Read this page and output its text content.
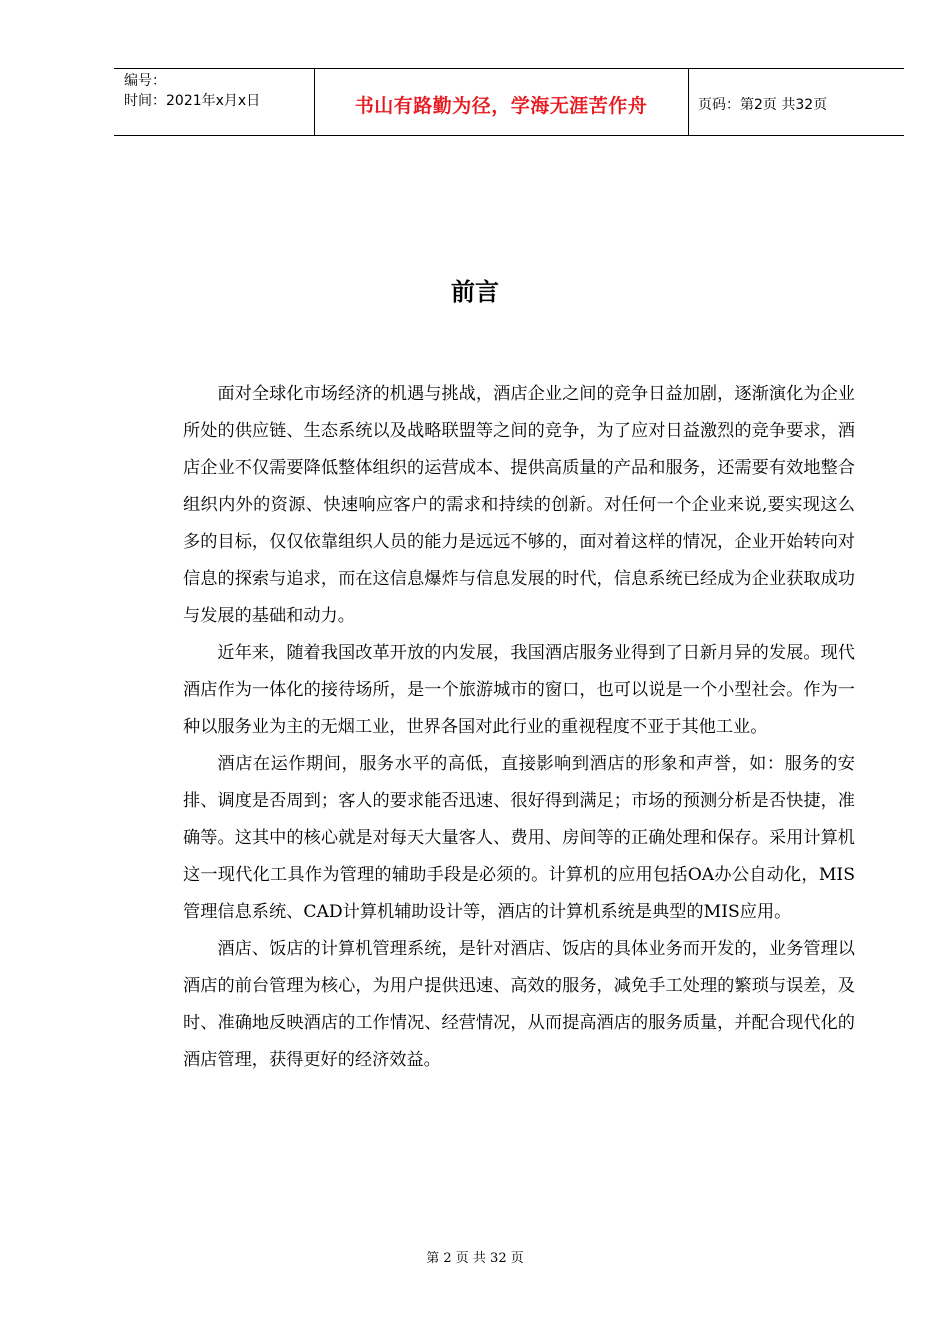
编号：
时间：2021年x月x日	书山有路勤为径，学海无涯苦作舟	页码：第2页 共32页
前言

面对全球化市场经济的机遇与挑战，酒店企业之间的竞争日益加剧，逐渐演化为企业所处的供应链、生态系统以及战略联盟等之间的竞争，为了应对日益激烈的竞争要求，酒店企业不仅需要降低整体组织的运营成本、提供高质量的产品和服务，还需要有效地整合组织内外的资源、快速响应客户的需求和持续的创新。对任何一个企业来说,要实现这么多的目标，仅仅依靠组织人员的能力是远远不够的，面对着这样的情况，企业开始转向对信息的探索与追求，而在这信息爆炸与信息发展的时代，信息系统已经成为企业获取成功与发展的基础和动力。

近年来，随着我国改革开放的内发展，我国酒店服务业得到了日新月异的发展。现代酒店作为一体化的接待场所，是一个旅游城市的窗口，也可以说是一个小型社会。作为一种以服务业为主的无烟工业，世界各国对此行业的重视程度不亚于其他工业。

酒店在运作期间，服务水平的高低，直接影响到酒店的形象和声誉，如：服务的安排、调度是否周到；客人的要求能否迅速、很好得到满足；市场的预测分析是否快捷，准确等。这其中的核心就是对每天大量客人、费用、房间等的正确处理和保存。采用计算机这一现代化工具作为管理的辅助手段是必须的。计算机的应用包括OA办公自动化，MIS管理信息系统、CAD计算机辅助设计等，酒店的计算机系统是典型的MIS应用。

酒店、饭店的计算机管理系统，是针对酒店、饭店的具体业务而开发的，业务管理以酒店的前台管理为核心，为用户提供迅速、高效的服务，减免手工处理的繁琐与误差，及时、准确地反映酒店的工作情况、经营情况，从而提高酒店的服务质量，并配合现代化的酒店管理，获得更好的经济效益。

第 2 页 共 32 页
